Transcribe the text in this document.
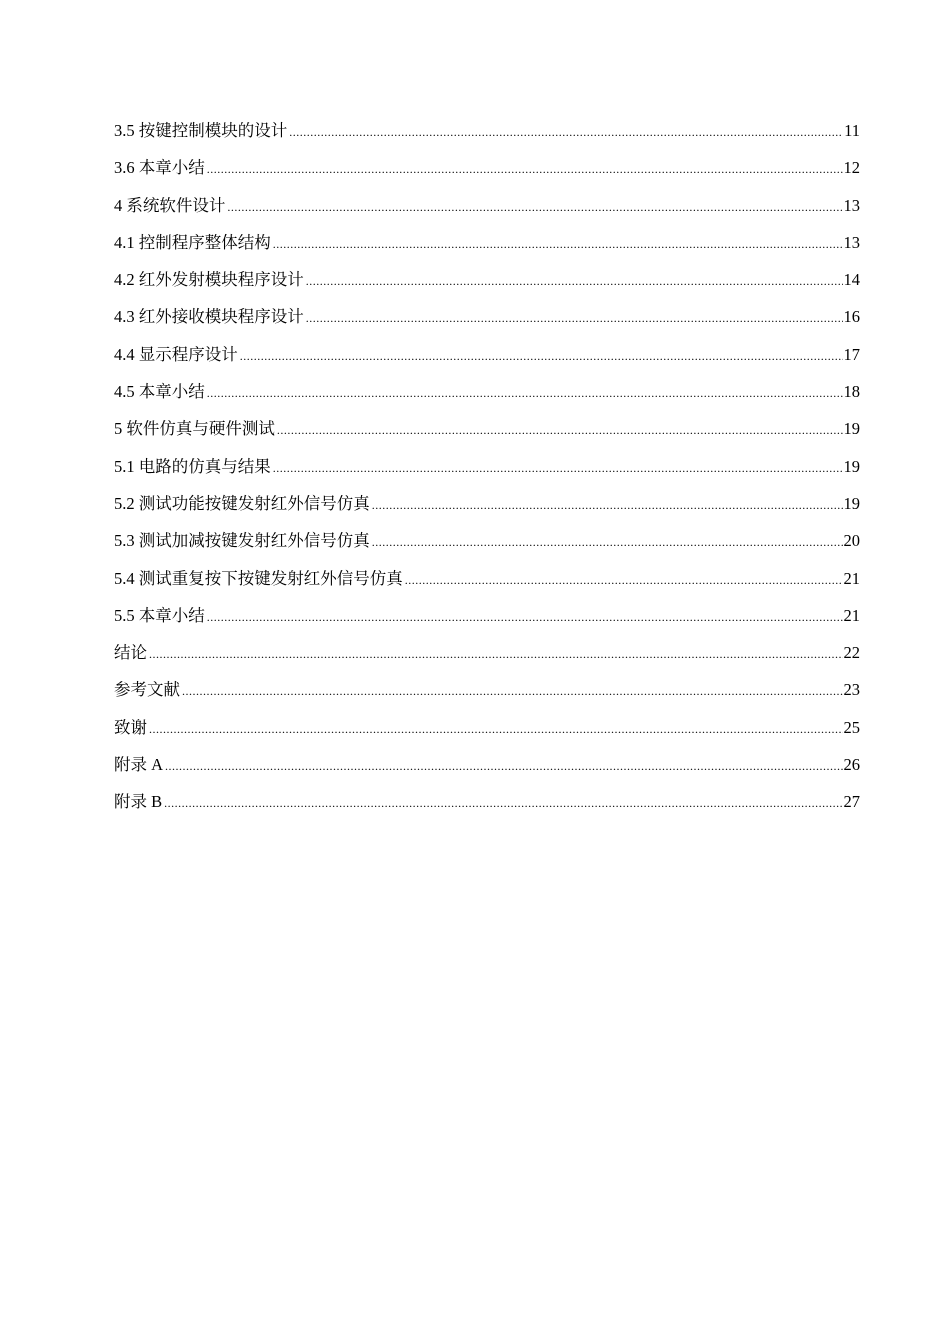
3.5 按键控制模块的设计 .....	11
3.6 本章小结 .....	12
4 系统软件设计 .....	13
4.1 控制程序整体结构 .....	13
4.2 红外发射模块程序设计 .....	14
4.3 红外接收模块程序设计 .....	16
4.4 显示程序设计 .....	17
4.5 本章小结 .....	18
5 软件仿真与硬件测试 .....	19
5.1 电路的仿真与结果 .....	19
5.2 测试功能按键发射红外信号仿真 .....	19
5.3 测试加减按键发射红外信号仿真 .....	20
5.4 测试重复按下按键发射红外信号仿真 .....	21
5.5 本章小结 .....	21
结论 .....	22
参考文献 .....	23
致谢 .....	25
附录 A .....	26
附录 B .....	27
